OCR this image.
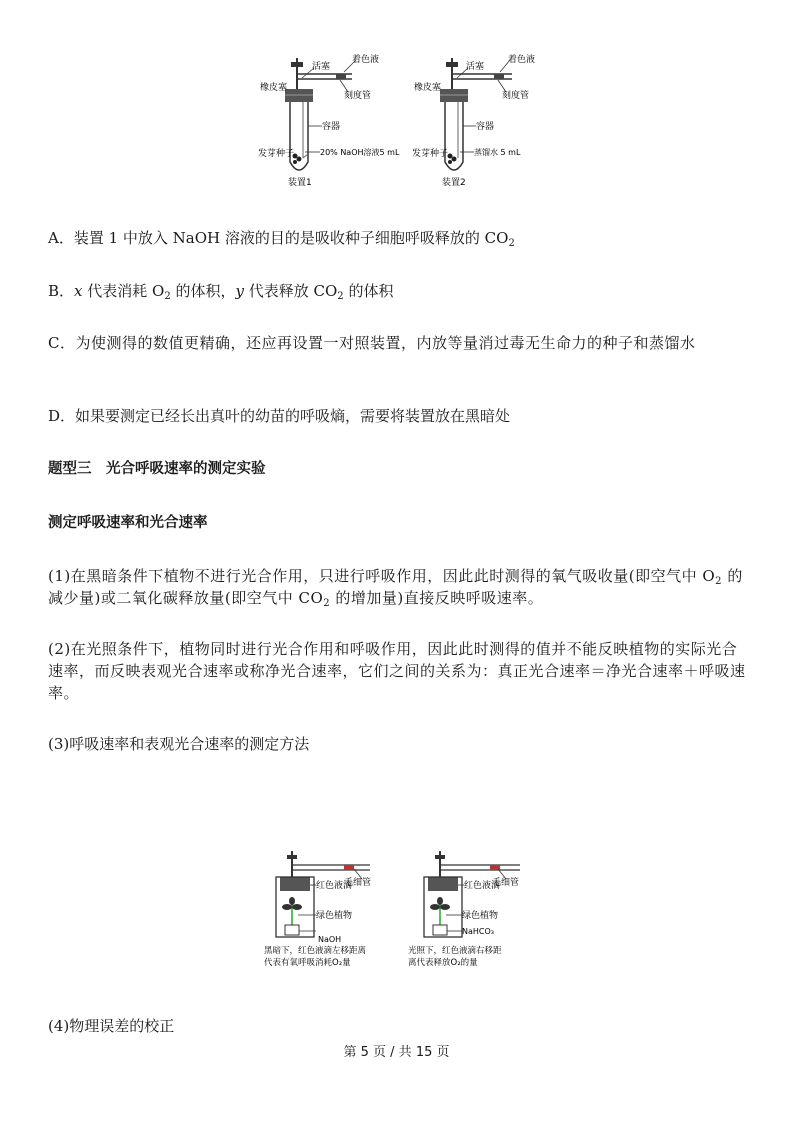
活塞
着色液
橡皮塞
刻度管
容器
发芽种子	20% NaOH溶液5 mL
装置1
活塞
着色液
橡皮塞
刻度管
容器
发芽种子	蒸馏水 5 mL
装置2
A．装置 1 中放入 NaOH 溶液的目的是吸收种子细胞呼吸释放的 $CO_2$
B．x 代表消耗 $O_2$ 的体积，y 代表释放 $CO_2$ 的体积
C．为使测得的数值更精确，还应再设置一对照装置，内放等量消过毒无生命力的种子和蒸馏水
D．如果要测定已经长出真叶的幼苗的呼吸熵，需要将装置放在黑暗处
题型三　光合呼吸速率的测定实验
测定呼吸速率和光合速率
(1)在黑暗条件下植物不进行光合作用，只进行呼吸作用，因此此时测得的氧气吸收量(即空气中 $O_2$ 的减少量)或二氧化碳释放量(即空气中 $CO_2$ 的增加量)直接反映呼吸速率。
(2)在光照条件下，植物同时进行光合作用和呼吸作用，因此此时测得的值并不能反映植物的实际光合速率，而反映表观光合速率或称净光合速率，它们之间的关系为：真正光合速率＝净光合速率＋呼吸速率。
(3)呼吸速率和表观光合速率的测定方法
红色液滴
毛细管
绿色植物
NaOH
黑暗下，红色液滴左移距离
代表有氧呼吸消耗O₂量
红色液滴
毛细管
绿色植物
NaHCO₃
光照下，红色液滴右移距
离代表释放O₂的量
(4)物理误差的校正
第 5 页 / 共 15 页
